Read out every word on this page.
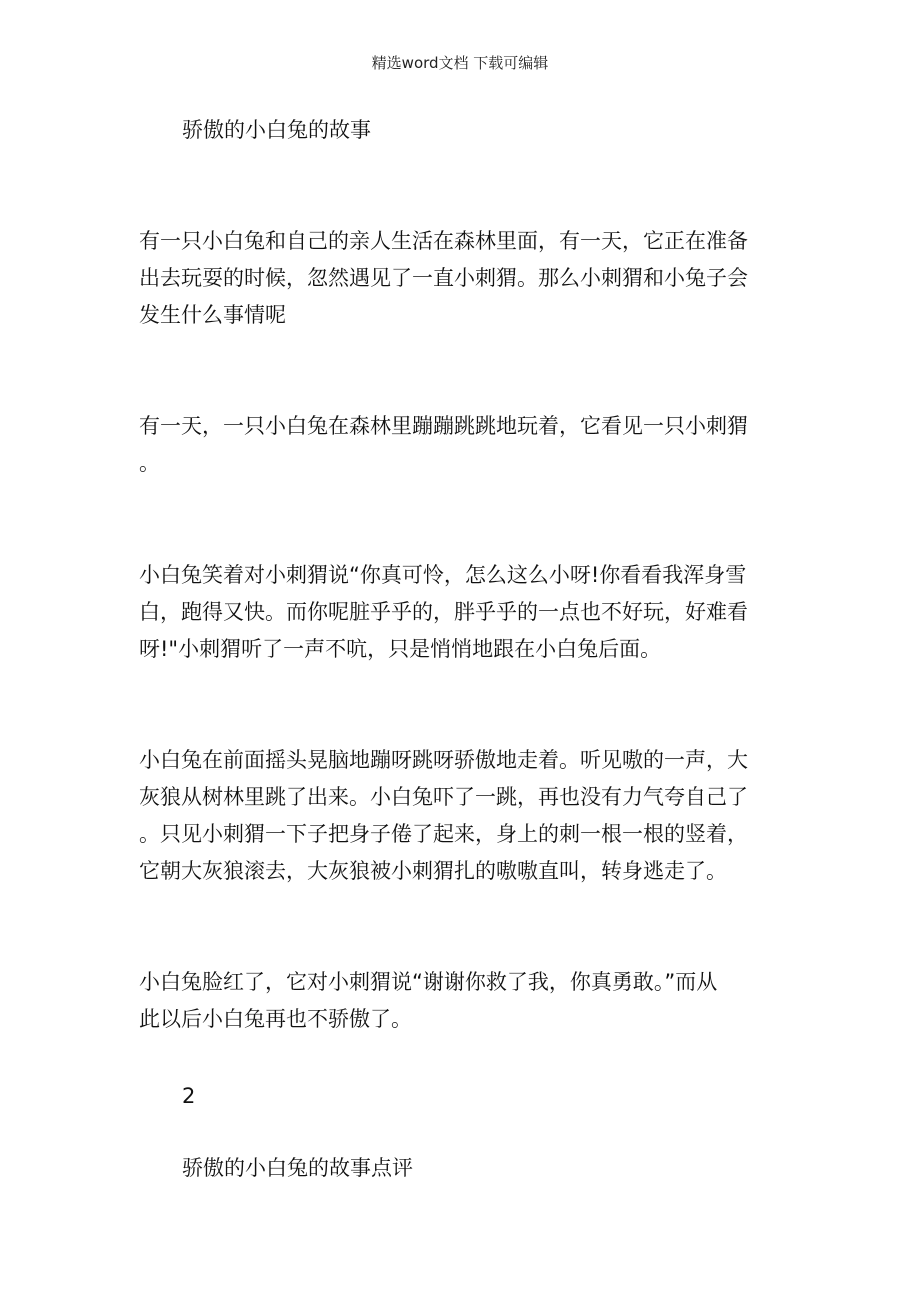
精选word文档 下载可编辑
骄傲的小白兔的故事
有一只小白兔和自己的亲人生活在森林里面，有一天，它正在准备
出去玩耍的时候，忽然遇见了一直小刺猬。那么小刺猬和小兔子会
发生什么事情呢
有一天，一只小白兔在森林里蹦蹦跳跳地玩着，它看见一只小刺猬
。
小白兔笑着对小刺猬说“你真可怜，怎么这么小呀!你看看我浑身雪
白，跑得又快。而你呢脏乎乎的，胖乎乎的一点也不好玩，好难看
呀!"小刺猬听了一声不吭，只是悄悄地跟在小白兔后面。
小白兔在前面摇头晃脑地蹦呀跳呀骄傲地走着。听见嗷的一声，大
灰狼从树林里跳了出来。小白兔吓了一跳，再也没有力气夸自己了
。只见小刺猬一下子把身子倦了起来，身上的刺一根一根的竖着，
它朝大灰狼滚去，大灰狼被小刺猬扎的嗷嗷直叫，转身逃走了。
小白兔脸红了，它对小刺猬说“谢谢你救了我，你真勇敢。”而从
此以后小白兔再也不骄傲了。
2
骄傲的小白兔的故事点评
